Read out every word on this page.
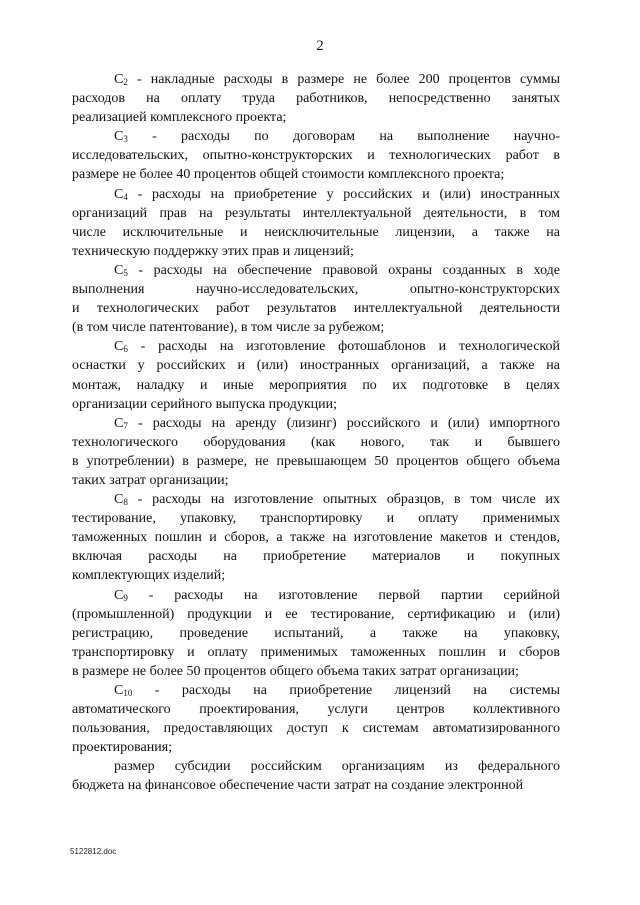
2
$C_2$ - накладные расходы в размере не более 200 процентов суммы
расходов на оплату труда работников, непосредственно занятых
реализацией комплексного проекта;
$C_3$ - расходы по договорам на выполнение научно-
исследовательских, опытно-конструкторских и технологических работ в
размере не более 40 процентов общей стоимости комплексного проекта;
$C_4$ - расходы на приобретение у российских и (или) иностранных
организаций прав на результаты интеллектуальной деятельности, в том
числе исключительные и неисключительные лицензии, а также на
техническую поддержку этих прав и лицензий;
$C_5$ - расходы на обеспечение правовой охраны созданных в ходе
выполнения научно-исследовательских, опытно-конструкторских
и технологических работ результатов интеллектуальной деятельности
(в том числе патентование), в том числе за рубежом;
$C_6$ - расходы на изготовление фотошаблонов и технологической
оснастки у российских и (или) иностранных организаций, а также на
монтаж, наладку и иные мероприятия по их подготовке в целях
организации серийного выпуска продукции;
$C_7$ - расходы на аренду (лизинг) российского и (или) импортного
технологического оборудования (как нового, так и бывшего
в употреблении) в размере, не превышающем 50 процентов общего объема
таких затрат организации;
$C_8$ - расходы на изготовление опытных образцов, в том числе их
тестирование, упаковку, транспортировку и оплату применимых
таможенных пошлин и сборов, а также на изготовление макетов и стендов,
включая расходы на приобретение материалов и покупных
комплектующих изделий;
$C_9$ - расходы на изготовление первой партии серийной
(промышленной) продукции и ее тестирование, сертификацию и (или)
регистрацию, проведение испытаний, а также на упаковку,
транспортировку и оплату применимых таможенных пошлин и сборов
в размере не более 50 процентов общего объема таких затрат организации;
$C_{10}$ - расходы на приобретение лицензий на системы
автоматического проектирования, услуги центров коллективного
пользования, предоставляющих доступ к системам автоматизированного
проектирования;
размер субсидии российским организациям из федерального
бюджета на финансовое обеспечение части затрат на создание электронной
5122812.doc
